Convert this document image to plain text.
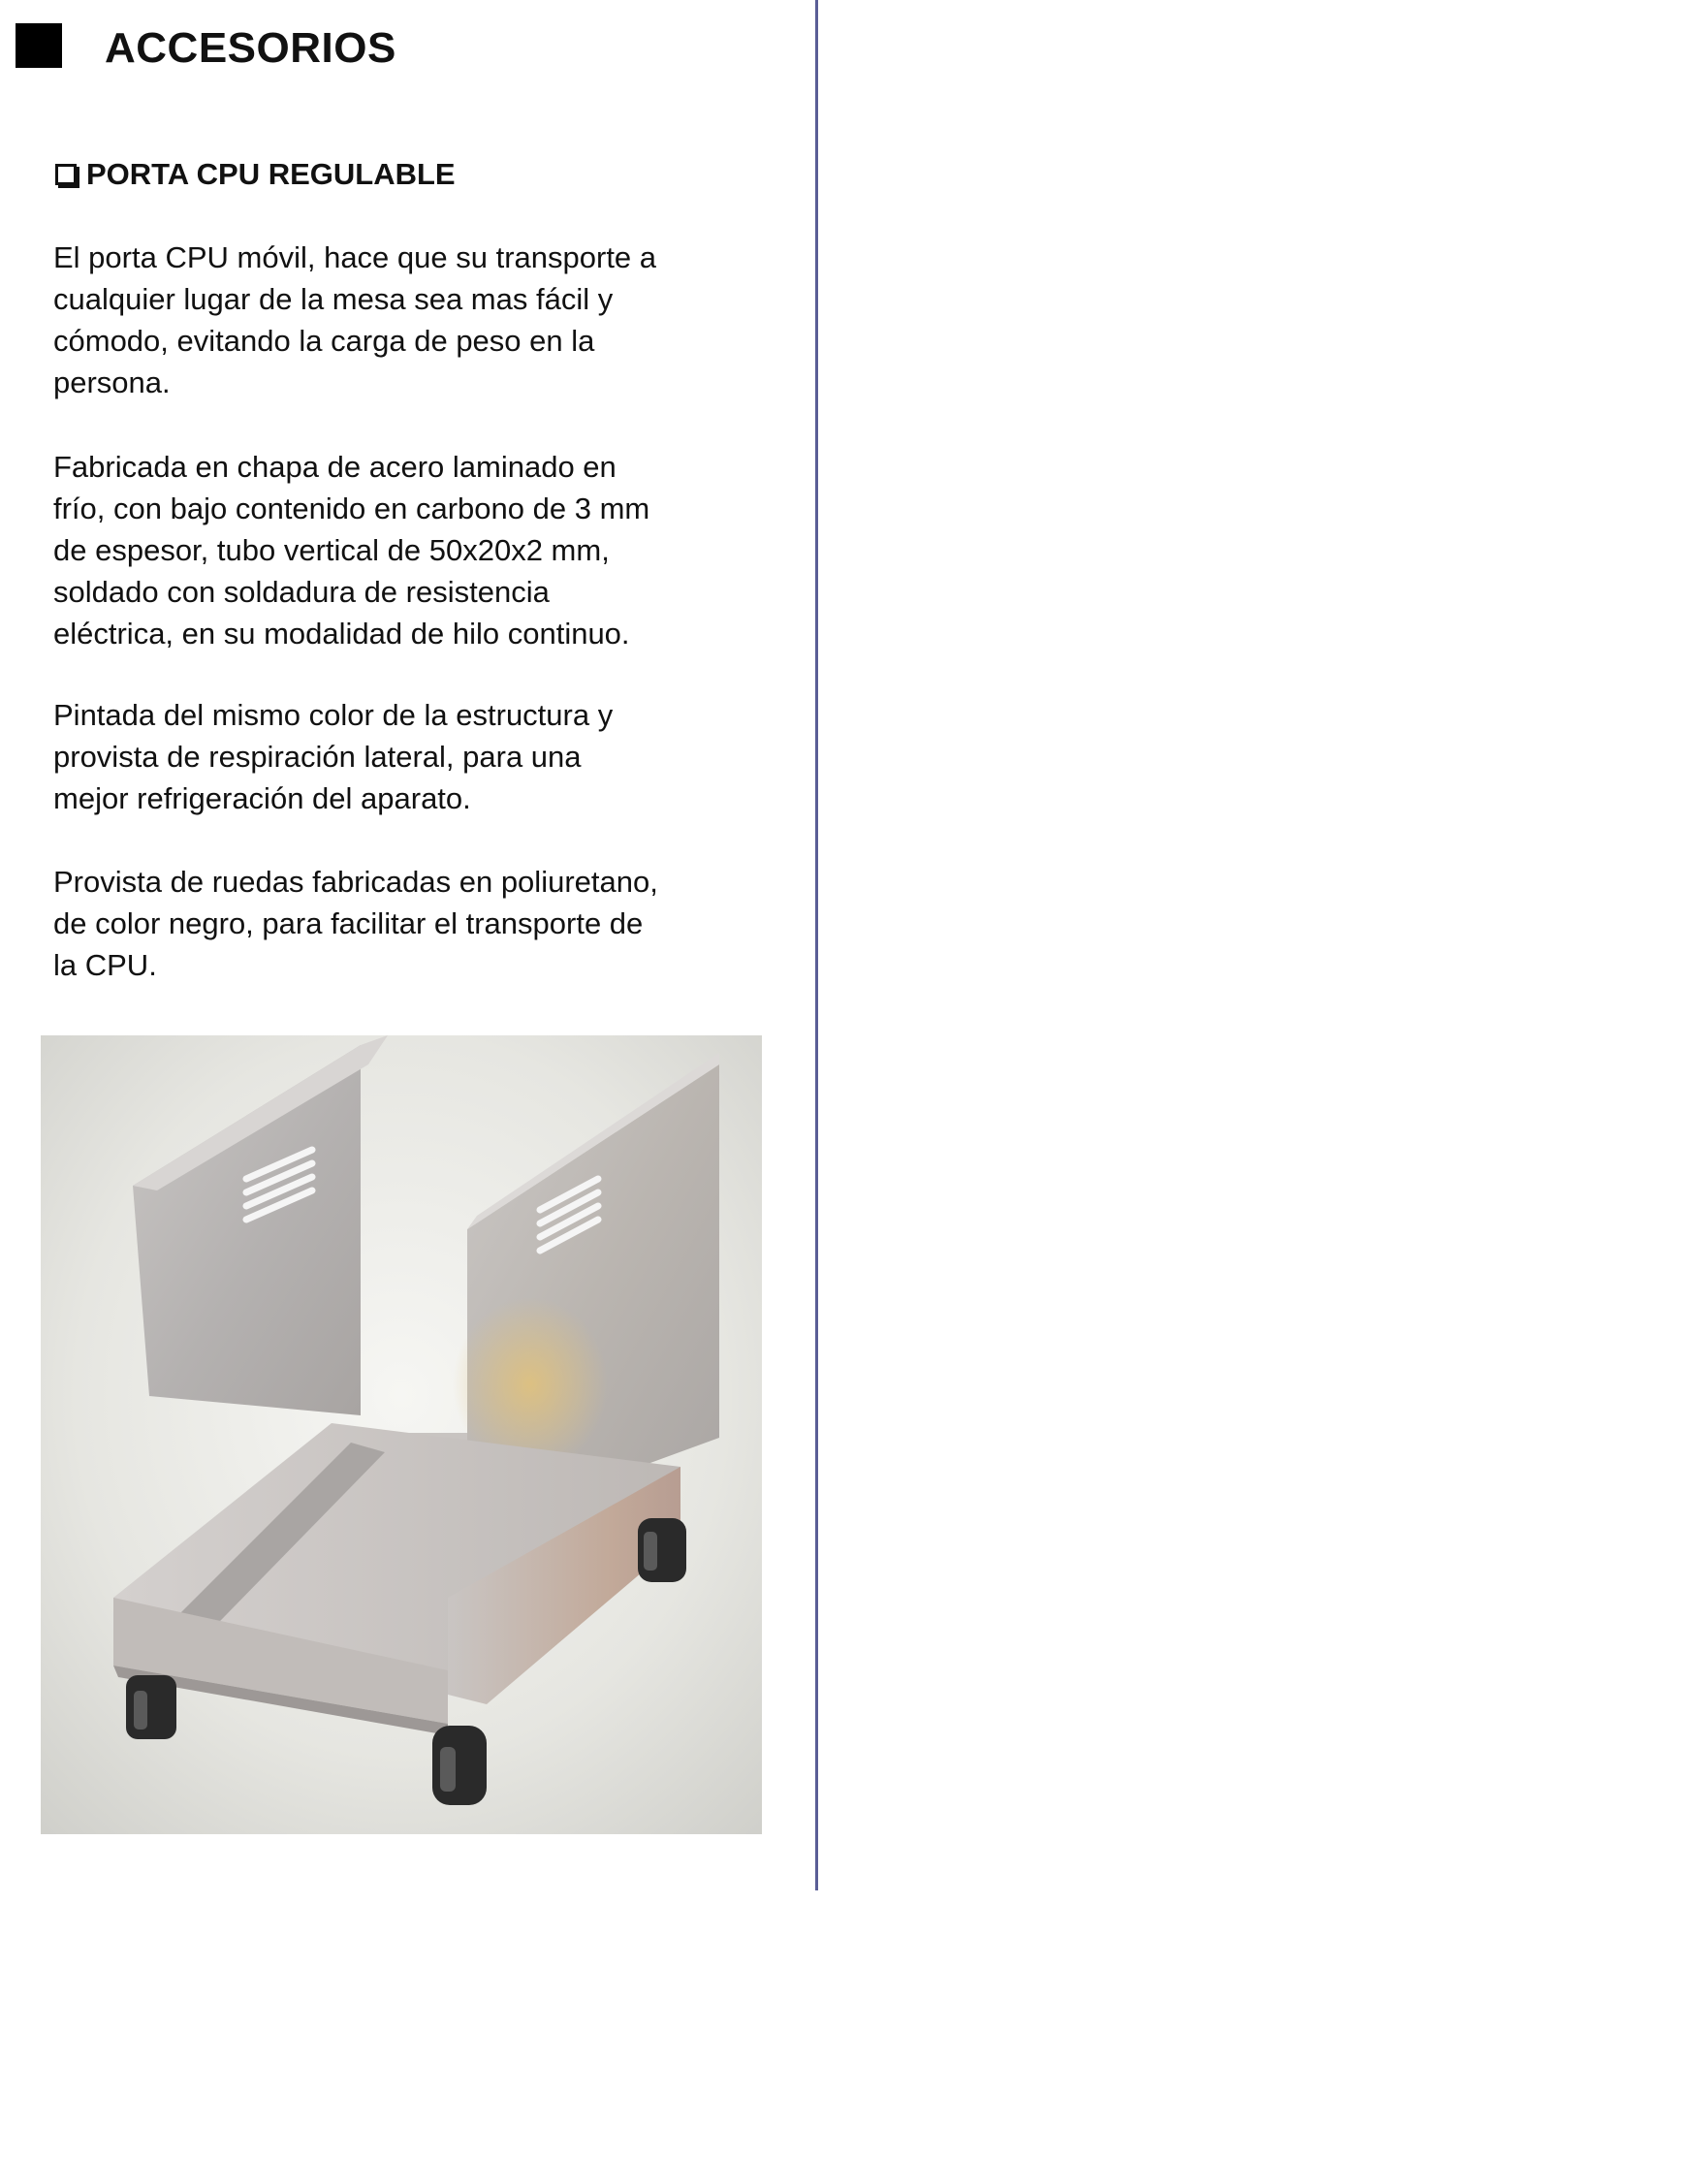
ACCESORIOS
PORTA CPU REGULABLE

El porta CPU móvil, hace que su transporte a
cualquier lugar de la mesa sea mas fácil y
cómodo, evitando la carga de peso en la
persona.

Fabricada en chapa de acero laminado en
frío, con bajo contenido en carbono de 3 mm
de espesor, tubo vertical de 50x20x2 mm,
soldado con soldadura de resistencia
eléctrica, en su modalidad de hilo continuo.

Pintada del mismo color de la estructura y
provista de respiración lateral, para una
mejor refrigeración del aparato.

Provista de ruedas fabricadas en poliuretano,
de color negro, para facilitar el transporte de
la CPU.
